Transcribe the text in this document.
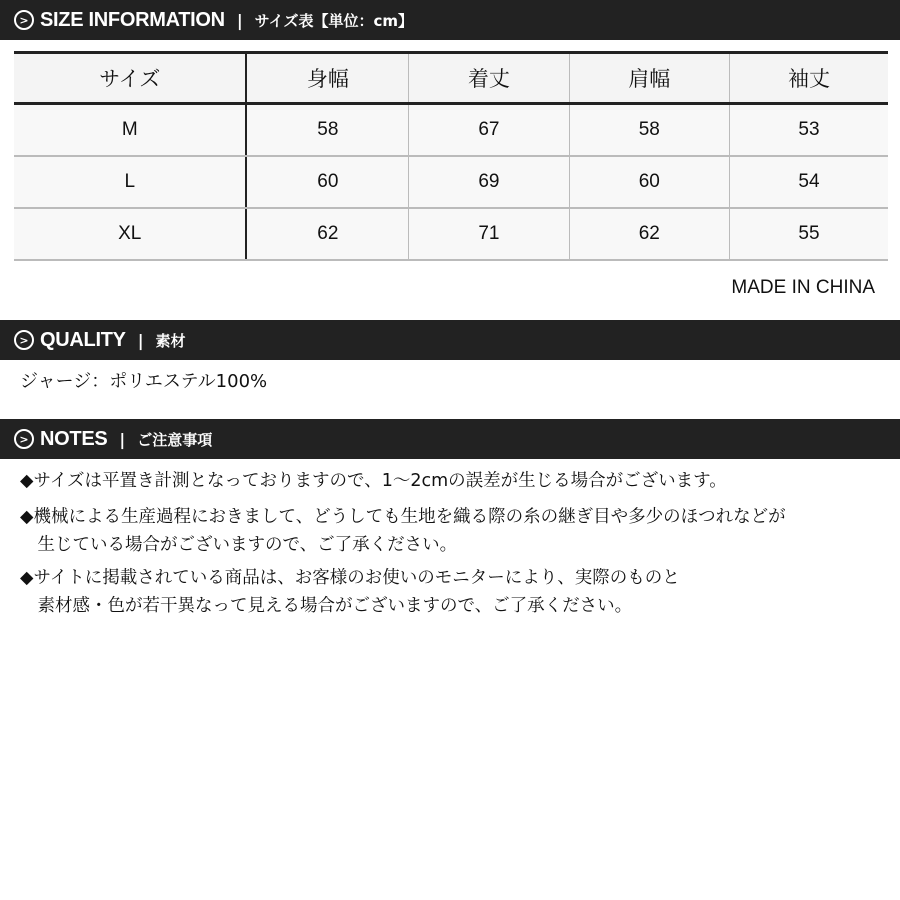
> SIZE INFORMATION | サイズ表【単位：cm】
サイズ	身幅	着丈	肩幅	袖丈
M	58	67	58	53
L	60	69	60	54
XL	62	71	62	55
MADE IN CHINA
> QUALITY | 素材
ジャージ：ポリエステル100%
> NOTES | ご注意事項
◆サイズは平置き計測となっておりますので、1〜2cmの誤差が生じる場合がございます。
◆機械による生産過程におきまして、どうしても生地を織る際の糸の継ぎ目や多少のほつれなどが
　生じている場合がございますので、ご了承ください。
◆サイトに掲載されている商品は、お客様のお使いのモニターにより、実際のものと
　素材感・色が若干異なって見える場合がございますので、ご了承ください。
